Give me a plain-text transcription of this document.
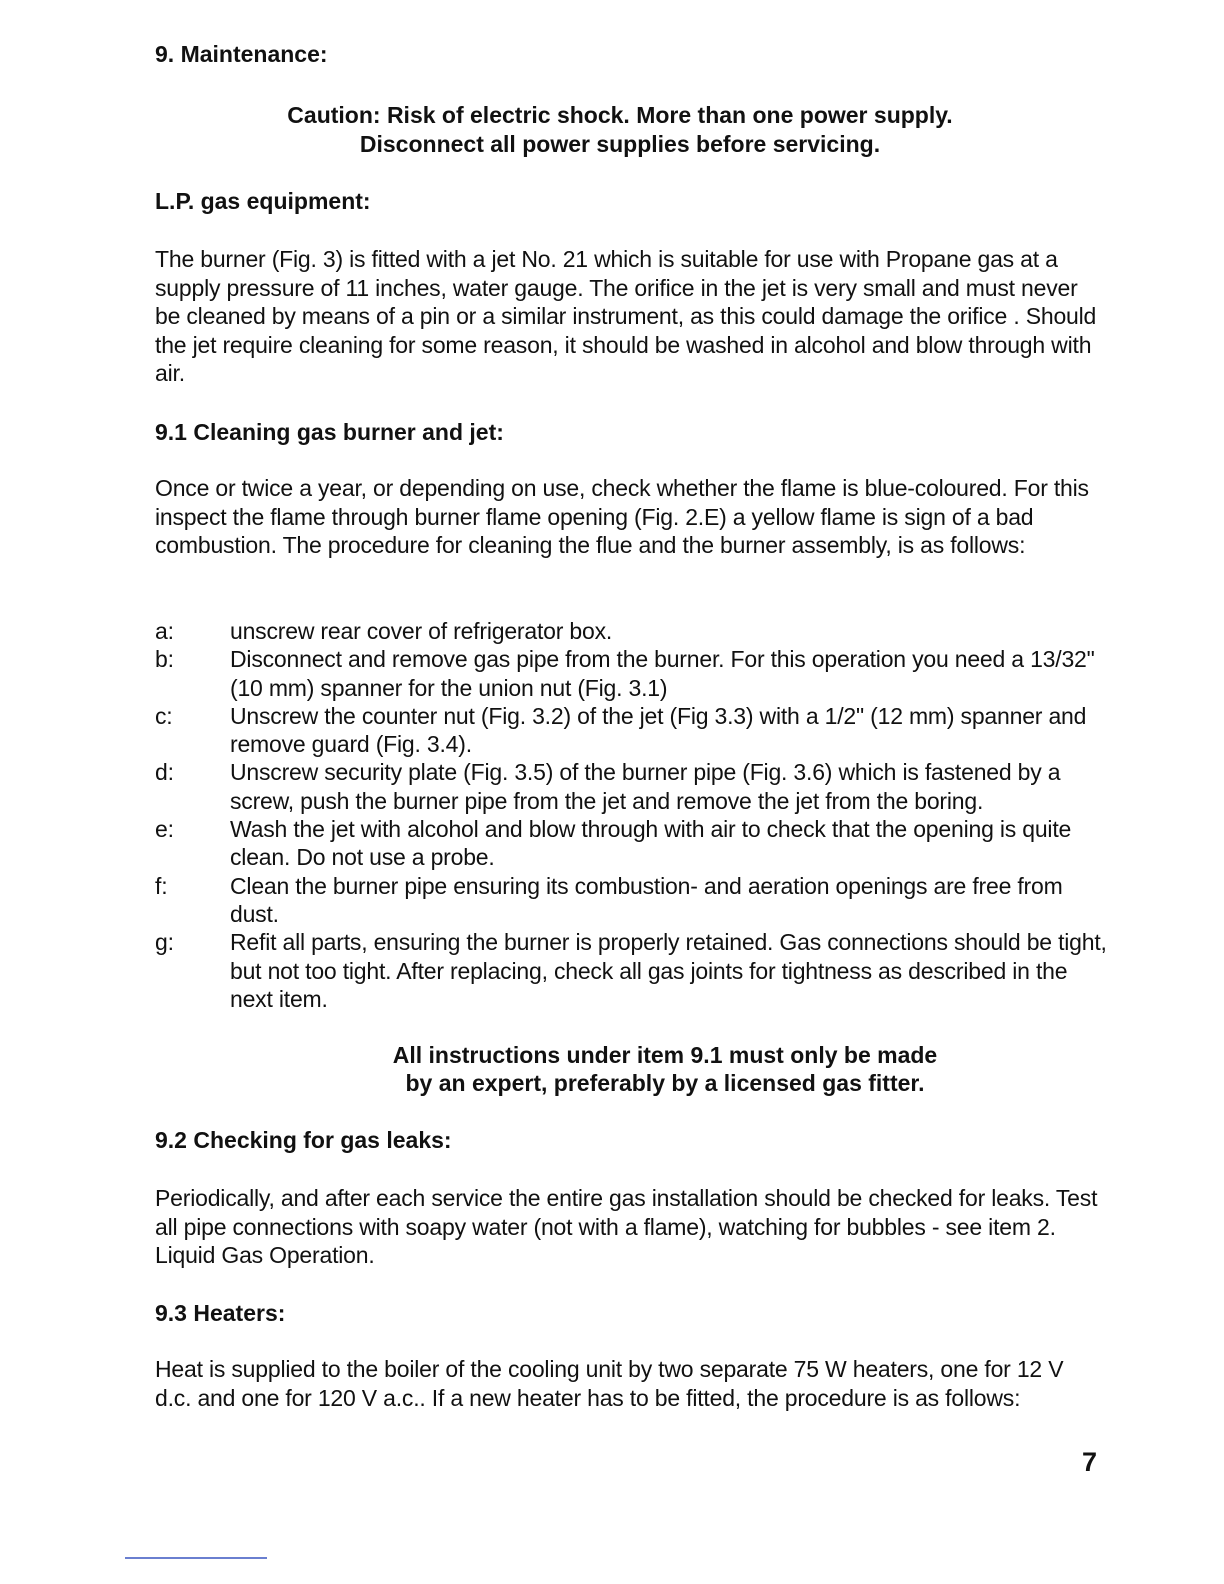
9. Maintenance:

Caution: Risk of electric shock. More than one power supply.
Disconnect all power supplies before servicing.

L.P. gas equipment:

The burner (Fig. 3) is fitted with a jet No. 21 which is suitable for use with Propane gas at a supply pressure of 11 inches, water gauge. The orifice in the jet is very small and must never be cleaned by means of a pin or a similar instrument, as this could damage the orifice . Should the jet require cleaning for some reason, it should be washed in alcohol and blow through with air.

9.1 Cleaning gas burner and jet:

Once or twice a year, or depending on use, check whether the flame is blue-coloured. For this inspect the flame through burner flame opening (Fig. 2.E) a yellow flame is sign of a bad combustion. The procedure for cleaning the flue and the burner assembly, is as follows:

a:	unscrew rear cover of refrigerator box.
b:	Disconnect and remove gas pipe from the burner. For this operation you need a 13/32" (10 mm) spanner for the union nut (Fig. 3.1)
c:	Unscrew the counter nut (Fig. 3.2) of the jet (Fig 3.3) with a 1/2" (12 mm) spanner and remove guard (Fig. 3.4).
d:	Unscrew security plate (Fig. 3.5) of the burner pipe (Fig. 3.6) which is fastened by a screw, push the burner pipe from the jet and remove the jet from the boring.
e:	Wash the jet with alcohol and blow through with air to check that the opening is quite clean. Do not use a probe.
f:	Clean the burner pipe ensuring its combustion- and aeration openings are free from dust.
g:	Refit all parts, ensuring the burner is properly retained. Gas connections should be tight, but not too tight. After replacing, check all gas joints for tightness as described in the next item.
All instructions under item 9.1 must only be made
by an expert, preferably by a licensed gas fitter.

9.2 Checking for gas leaks:

Periodically, and after each service the entire gas installation should be checked for leaks. Test all pipe connections with soapy water (not with a flame), watching for bubbles - see item 2. Liquid Gas Operation.

9.3 Heaters:

Heat is supplied to the boiler of the cooling unit by two separate 75 W heaters, one for 12 V d.c. and one for 120 V a.c.. If a new heater has to be fitted, the procedure is as follows:

7
